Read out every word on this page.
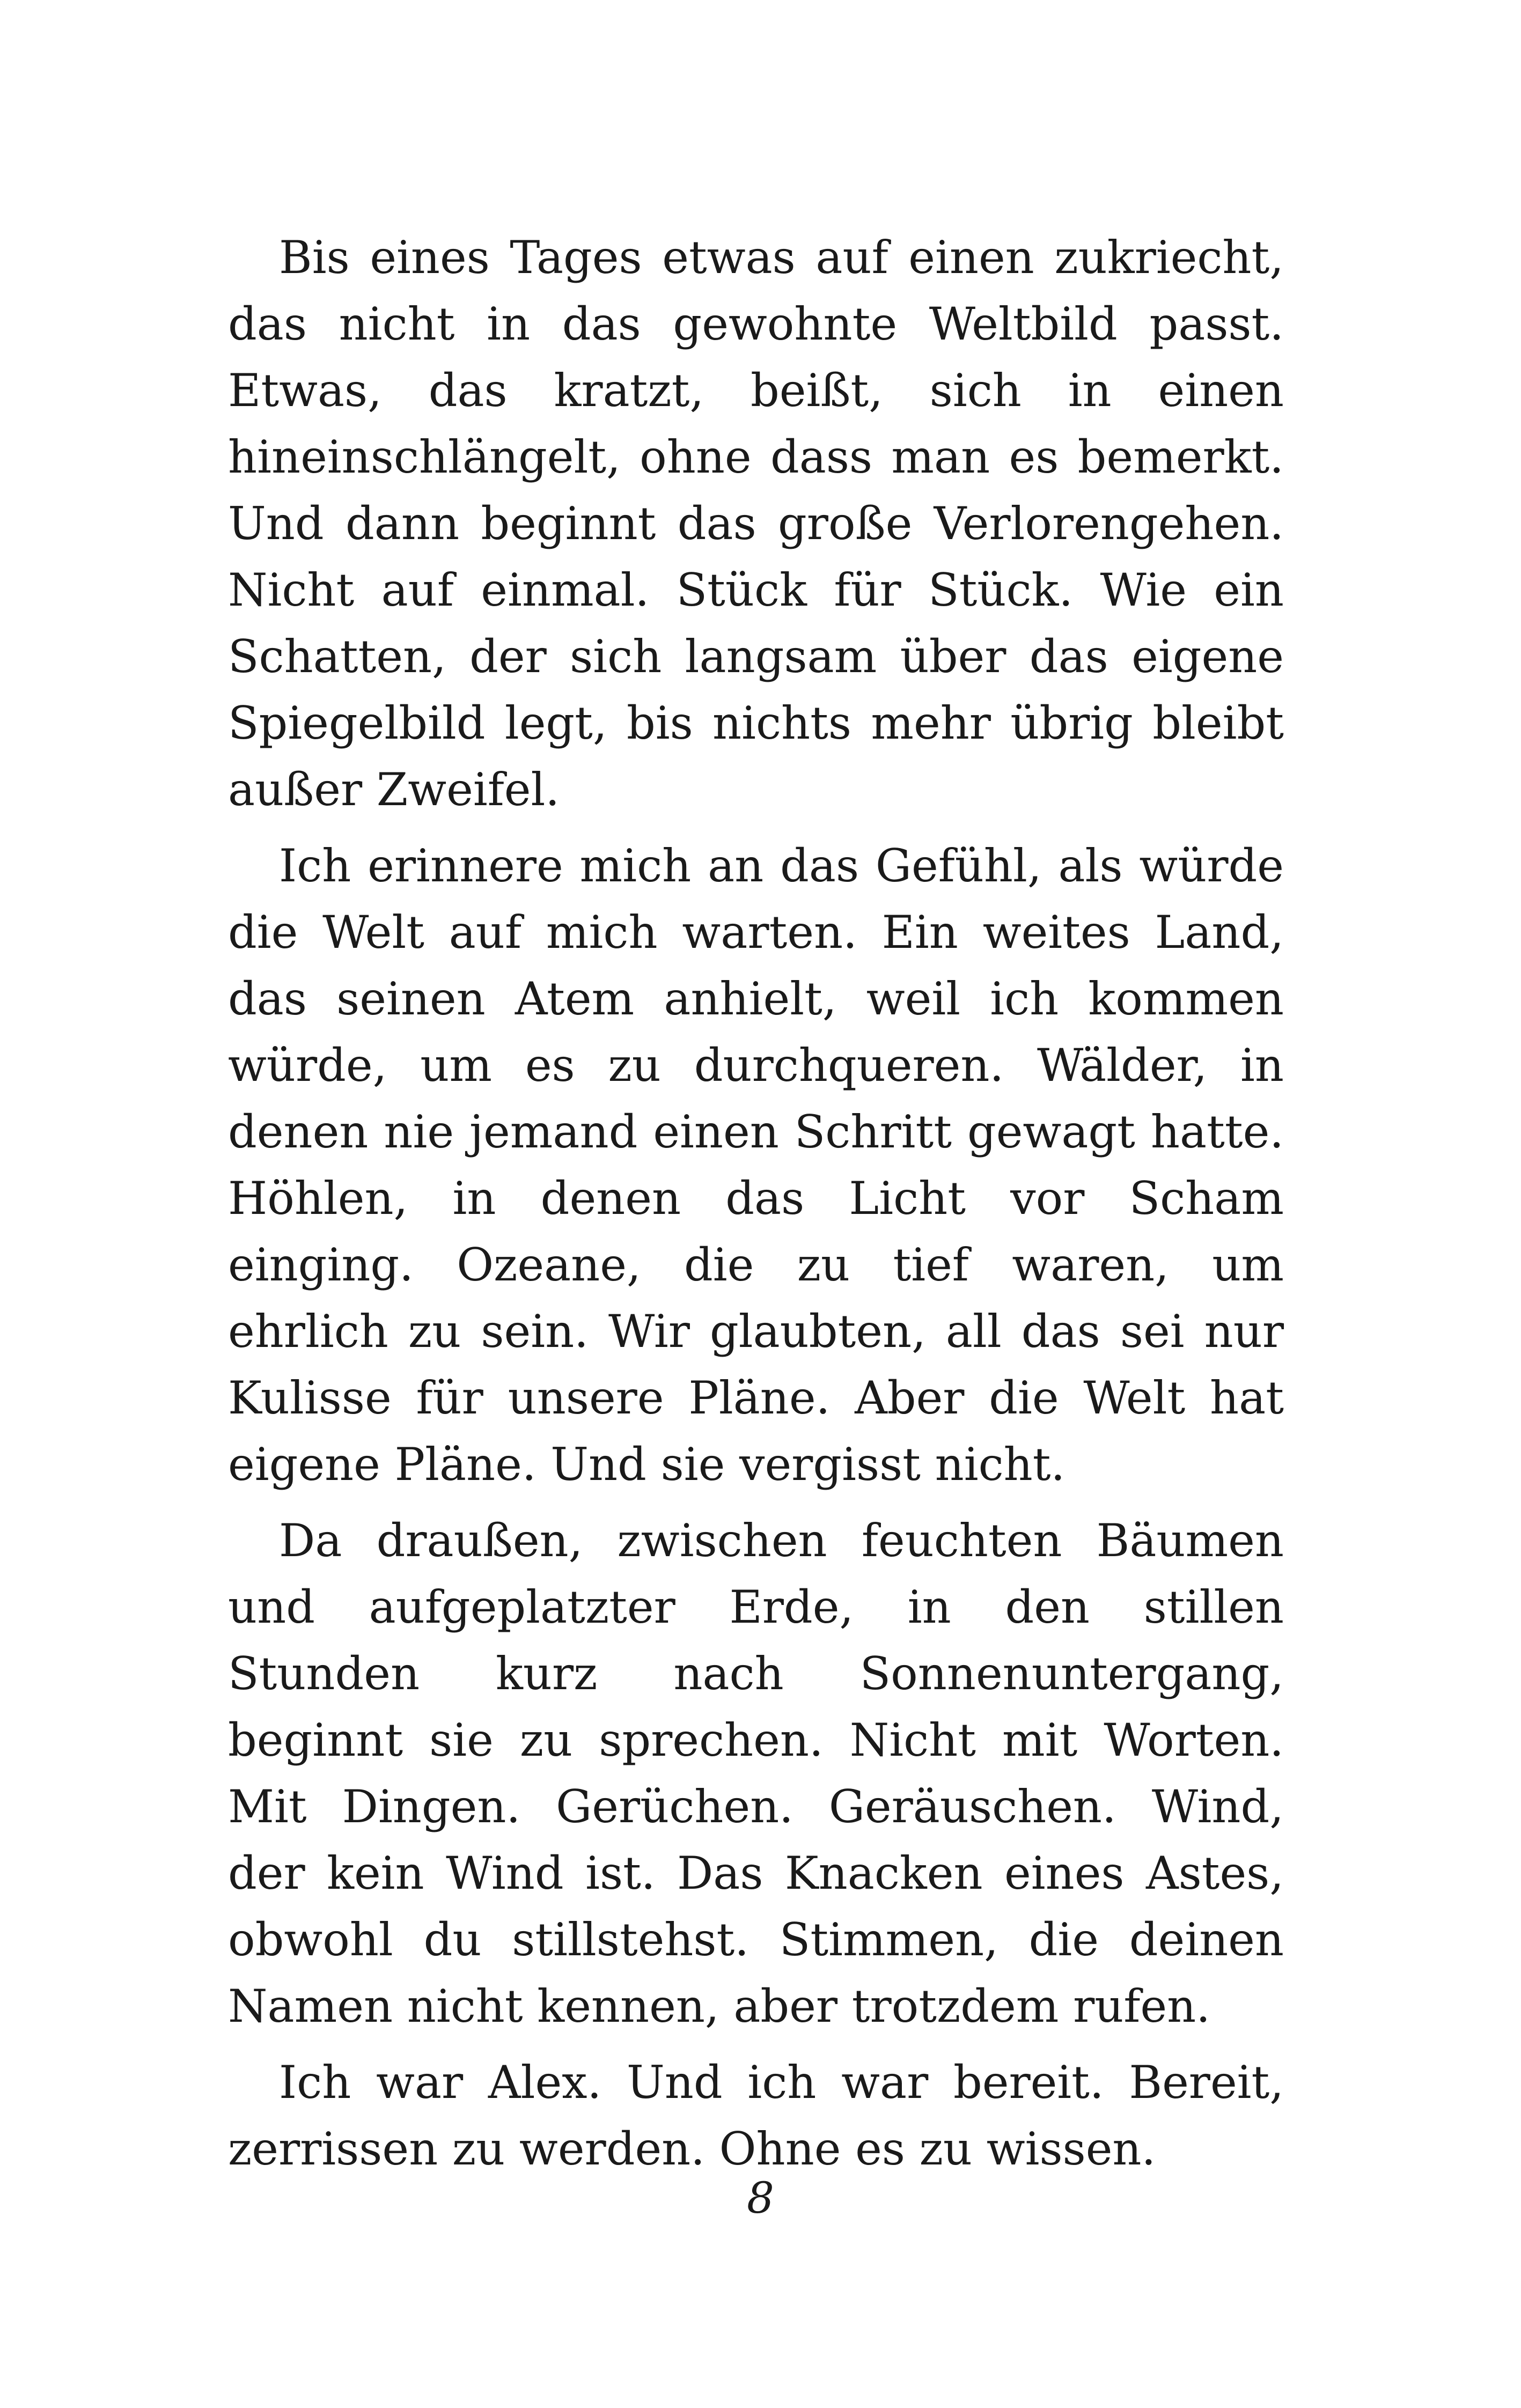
Bis eines Tages etwas auf einen zukriecht, das nicht in das gewohnte Weltbild passt. Etwas, das kratzt, beißt, sich in einen hineinschlängelt, ohne dass man es bemerkt. Und dann beginnt das große Verlorengehen. Nicht auf einmal. Stück für Stück. Wie ein Schatten, der sich langsam über das eigene Spiegelbild legt, bis nichts mehr übrig bleibt außer Zweifel.

Ich erinnere mich an das Gefühl, als würde die Welt auf mich warten. Ein weites Land, das seinen Atem anhielt, weil ich kommen würde, um es zu durchqueren. Wälder, in denen nie jemand einen Schritt gewagt hatte. Höhlen, in denen das Licht vor Scham einging. Ozeane, die zu tief waren, um ehrlich zu sein. Wir glaubten, all das sei nur Kulisse für unsere Pläne. Aber die Welt hat eigene Pläne. Und sie vergisst nicht.

Da draußen, zwischen feuchten Bäumen und aufgeplatzter Erde, in den stillen Stunden kurz nach Sonnenuntergang, beginnt sie zu sprechen. Nicht mit Worten. Mit Dingen. Gerüchen. Geräuschen. Wind, der kein Wind ist. Das Knacken eines Astes, obwohl du stillstehst. Stimmen, die deinen Namen nicht kennen, aber trotzdem rufen.

Ich war Alex. Und ich war bereit. Bereit, zerrissen zu werden. Ohne es zu wissen.

8
